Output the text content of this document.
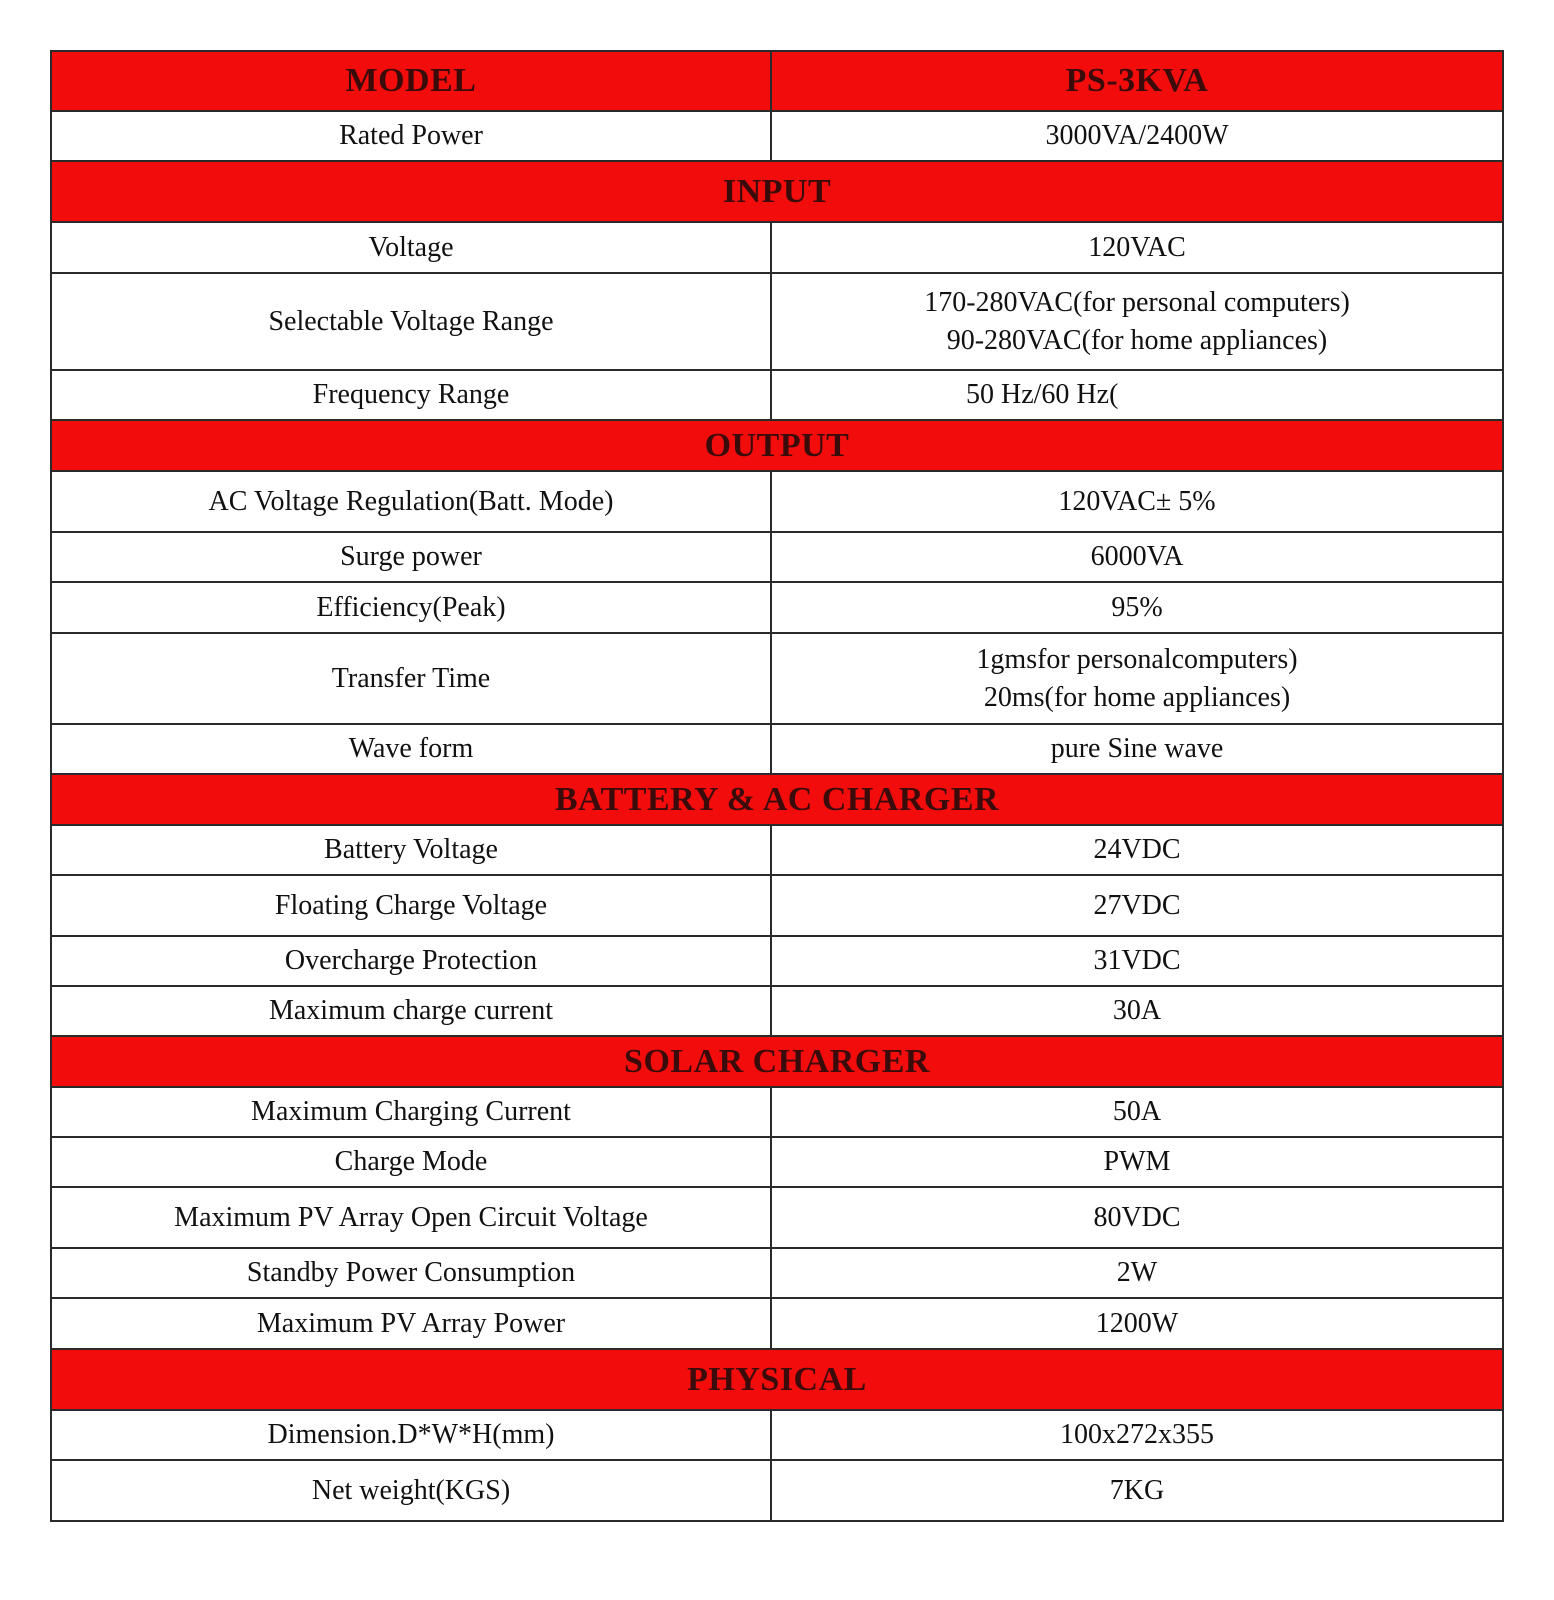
MODEL	PS-3KVA
Rated Power	3000VA/2400W
INPUT	
Voltage	120VAC
Selectable Voltage Range	170-280VAC(for personal computers)
90-280VAC(for home appliances)

Frequency Range	50 Hz/60 Hz(
OUTPUT	
AC Voltage Regulation(Batt. Mode)	120VAC± 5%
Surge power	6000VA
Efficiency(Peak)	95%
Transfer Time	1gmsfor personalcomputers)
20ms(for home appliances)

Wave form	pure Sine wave
BATTERY & AC CHARGER	
Battery Voltage	24VDC
Floating Charge Voltage	27VDC
Overcharge Protection	31VDC
Maximum charge current	30A
SOLAR CHARGER	
Maximum Charging Current	50A
Charge Mode	PWM
Maximum PV Array Open Circuit Voltage	80VDC
Standby Power Consumption	2W
Maximum PV Array Power	1200W
PHYSICAL	
Dimension.D*W*H(mm)	100x272x355
Net weight(KGS)	7KG
